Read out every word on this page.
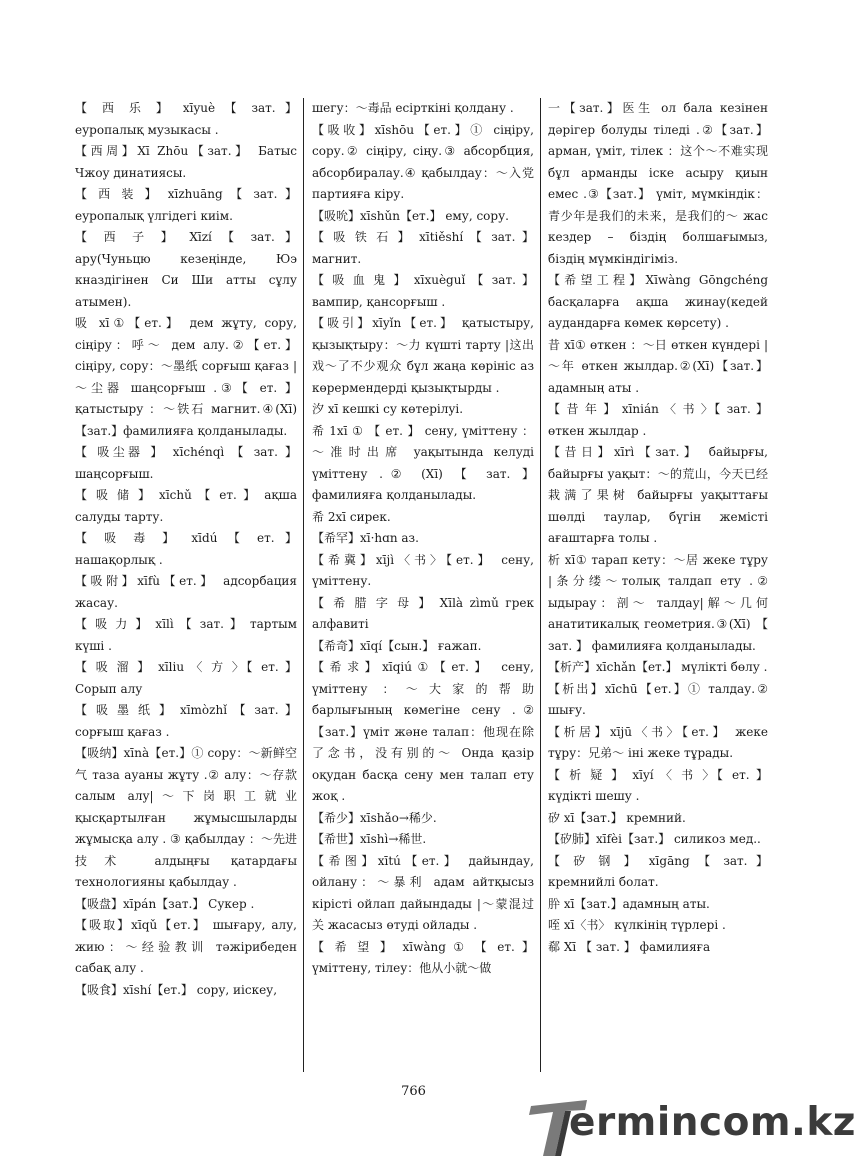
【 西 乐 】 xīyuè 【 зат. 】 еуропалық музыкасы .

【西周】Xī Zhōu【зат.】 Батыс Чжоу динатиясы.

【 西 装 】 xīzhuāng 【 зат. 】 еуропалық үлгідегі киім.

【 西 子 】 Xīzí 【 зат. 】 ару(Чуньцю кезеңінде, Юэ кназдігінен Си Ши атты сұлу атымен).

吸 xī①【ет.】 дем жұту, сору, сіңіру：呼～ дем алу.②【ет.】 сіңіру, сору：～墨纸 сорғыш қағаз |～尘器 шаңсорғыш .③【 ет. 】 қатыстыру ：～铁石 магнит.④(Xī)【зат.】фамилияға қолданылады.

【 吸尘器 】 xīchénqì 【 зат. 】 шаңсорғыш.

【 吸 储 】 xīchǔ 【 ет. 】 ақша салуды тарту.

【 吸 毒 】 xīdú 【 ет. 】 нашақорлық .

【吸附】xīfù【ет.】 адсорбация жасау.

【 吸 力 】 xīlì 【 зат. 】 тартым күші .

【 吸 溜 】 xīliu 〈 方 〉【 ет. 】 Сорып алу

【 吸 墨 纸 】 xīmòzhǐ 【 зат. 】 сорғыш қағаз .

【吸纳】xīnà【ет.】① сору：～新鲜空气 таза ауаны жұту .② алу：～存款 салым алу|～下岗职工就业 қысқартылған жұмысшыларды жұмысқа алу . ③ қабылдау ：～先进技术 алдыңғы қатардағы технологияны қабылдау .

【吸盘】xīpán【зат.】 Сукер .

【吸取】xīqǔ【ет.】 шығару, алу, жию：～经验教训 тәжірибеден сабақ алу .

【吸食】xīshí【ет.】 сору, иіскеу,

шегу：～毒品 есірткіні қолдану .

【吸收】xīshōu【ет.】① сіңіру, сору.② сіңіру, сіңу.③ абсорбция, абсорбиралау.④ қабылдау：～入党 партияға кіру.

【吸吮】xīshǔn【ет.】 ему, сору.

【 吸 铁 石 】 xītiěshí 【 зат. 】 магнит.

【 吸 血 鬼 】 xīxuèguǐ 【 зат. 】 вампир, қансорғыш .

【吸引】xīyǐn【ет.】 қатыстыру, қызықтыру：～力 күшті тарту |这出戏～了不少观众 бұл жаңа көрініс аз көрермендерді қызықтырды .

汐 xī кешкі су көтерілуі.

希 1xī ① 【 ет. 】 сену, үміттену ：～准时出席 уақытында келуді үміттену .② (Xī) 【 зат. 】 фамилияға қолданылады.

希 2xī сирек.

【希罕】xī·hɑn аз.

【希冀】xījì〈书〉【ет.】 сену, үміттену.

【 希 腊 字 母 】 Xīlà zìmǔ грек алфавиті

【希奇】xīqí【сын.】 ғажап.

【希求】xīqiú①【ет.】 сену, үміттену ：～大家的帮助 барлығының көмегіне сену .②【зат.】үміт және талап：他现在除了念书，没有别的～ Онда қазір оқудан басқа сену мен талап ету жоқ .

【希少】xīshǎo→稀少.

【希世】xīshì→稀世.

【希图】xītú【ет.】 дайындау, ойлану：～暴利 адам айтқысыз кірісті ойлап дайындады |～蒙混过关 жасасыз өтуді ойлады .

【 希 望 】 xīwàng ① 【 ет. 】 үміттену, тілеу：他从小就～做

一【зат.】医生 ол бала кезінен дәрігер болуды тіледі .②【зат.】 арман, үміт, тілек ：这个～不难实现 бұл арманды іске асыру қиын емес .③【зат.】 үміт, мүмкіндік：青少年是我们的未来，是我们的～ жас кездер – біздің болшағымыз, біздің мүмкіндігіміз.

【希望工程】Xīwàng Gōngchéng басқаларға ақша жинау(кедей аудандарға көмек көрсету) .

昔 xī① өткен ：～日 өткен күндері |～年 өткен жылдар.②(Xī)【зат.】 адамның аты .

【 昔 年 】 xīnián 〈 书 〉【 зат. 】 өткен жылдар .

【昔日】xīrì【зат.】 байырғы, байырғы уақыт：～的荒山，今天已经栽满了果树 байырғы уақыттағы шөлді таулар, бүгін жемісті ағаштарға толы .

析 xī① тарап кету：～居 жеке тұру |条分缕～толық талдап ету .② ыдырау：剖～ талдау|解～几何 анатитикалық геометрия.③(Xī) 【 зат. 】 фамилияға қолданылады.

【析产】xīchǎn【ет.】 мүлікті бөлу .

【析出】xīchū【ет.】① талдау.② шығу.

【析居】xījū〈书〉【ет.】 жеке тұру：兄弟～ іні жеке тұрады.

【 析 疑 】 xīyí 〈 书 〉【 ет. 】 күдікті шешу .

矽 xī【зат.】 кремний.

【矽肺】xīfèi【зат.】 силикоз мед..

【 矽 钢 】 xīgāng 【 зат. 】 кремнийлі болат.

肸 xī【зат.】адамның аты.

咥 xī〈书〉 күлкінің түрлері .

郗 Xī 【 зат. 】 фамилияға

766
ermincom.kz
